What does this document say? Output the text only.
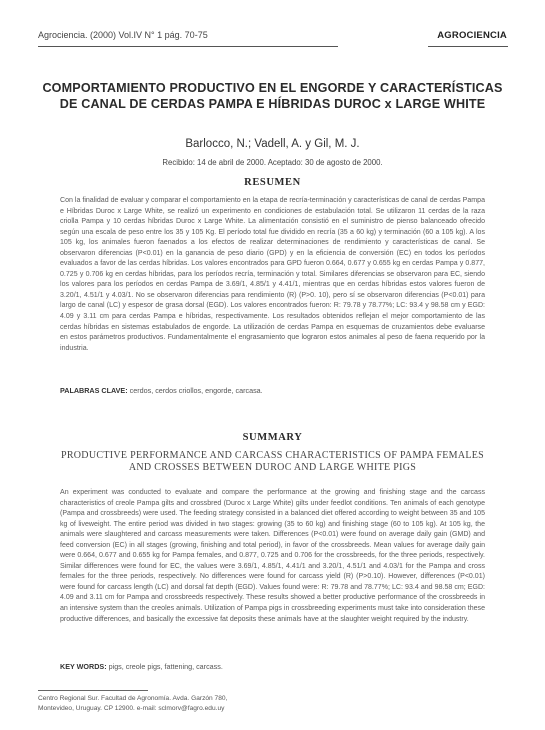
Agrociencia. (2000) Vol.IV N° 1 pág. 70-75	AGROCIENCIA
COMPORTAMIENTO PRODUCTIVO EN EL ENGORDE Y CARACTERÍSTICAS DE CANAL DE CERDAS PAMPA E HÍBRIDAS DUROC x LARGE WHITE
Barlocco, N.; Vadell, A. y Gil, M. J.
Recibido: 14 de abril de 2000. Aceptado: 30 de agosto de 2000.
RESUMEN
Con la finalidad de evaluar y comparar el comportamiento en la etapa de recría-terminación y características de canal de cerdas Pampa e Híbridas Duroc x Large White, se realizó un experimento en condiciones de estabulación total. Se utilizaron 11 cerdas de la raza criolla Pampa y 10 cerdas híbridas Duroc x Large White. La alimentación consistió en el suministro de pienso balanceado ofrecido según una escala de peso entre los 35 y 105 Kg. El período total fue dividido en recría (35 a 60 kg) y terminación (60 a 105 kg). A los 105 kg, los animales fueron faenados a los efectos de realizar determinaciones de rendimiento y características de canal. Se observaron diferencias (P<0.01) en la ganancia de peso diario (GPD) y en la eficiencia de conversión (EC) en todos los períodos evaluados a favor de las cerdas híbridas. Los valores encontrados para GPD fueron 0.664, 0.677 y 0.655 kg en cerdas Pampa y 0.877, 0.725 y 0.706 kg en cerdas híbridas, para los períodos recría, terminación y total. Similares diferencias se observaron para EC, siendo los valores para los períodos en cerdas Pampa de 3.69/1, 4.85/1 y 4.41/1, mientras que en cerdas híbridas estos valores fueron de 3.20/1, 4.51/1 y 4.03/1. No se observaron diferencias para rendimiento (R) (P>0. 10), pero sí se observaron diferencias (P<0.01) para largo de canal (LC) y espesor de grasa dorsal (EGD). Los valores encontrados fueron: R: 79.78 y 78.77%; LC: 93.4 y 98.58 cm y EGD: 4.09 y 3.11 cm para cerdas Pampa e híbridas, respectivamente. Los resultados obtenidos reflejan el mejor comportamiento de las cerdas híbridas en sistemas estabulados de engorde. La utilización de cerdas Pampa en esquemas de cruzamientos debe evaluarse en estos parámetros productivos. Fundamentalmente el engrasamiento que lograron estos animales al peso de faena requerido por la industria.
PALABRAS CLAVE: cerdos, cerdos criollos, engorde, carcasa.
SUMMARY
PRODUCTIVE PERFORMANCE AND CARCASS CHARACTERISTICS OF PAMPA FEMALES AND CROSSES BETWEEN DUROC AND LARGE WHITE PIGS
An experiment was conducted to evaluate and compare the performance at the growing and finishing stage and the carcass characteristics of creole Pampa gilts and crossbred (Duroc x Large White) gilts under feedlot conditions. Ten animals of each genotype (Pampa and crossbreeds) were used. The feeding strategy consisted in a balanced diet offered according to weight between 35 and 105 kg of liveweight. The entire period was divided in two stages: growing (35 to 60 kg) and finishing stage (60 to 105 kg). At 105 kg, the animals were slaughtered and carcass measurements were taken. Differences (P<0.01) were found on average daily gain (GMD) and feed conversion (EC) in all stages (growing, finishing and total period), in favor of the crossbreeds. Mean values for average daily gain were 0.664, 0.677 and 0.655 kg for Pampa females, and 0.877, 0.725 and 0.706 for the crossbreeds, for the three periods, respectively. Similar differences were found for EC, the values were 3.69/1, 4.85/1, 4.41/1 and 3.20/1, 4.51/1 and 4.03/1 for the Pampa and cross females for the three periods, respectively. No differences were found for carcass yield (R) (P>0.10). However, differences (P<0.01) were found for carcass length (LC) and dorsal fat depth (EGD). Values found were: R: 79.78 and 78.77%; LC: 93.4 and 98.58 cm; EGD: 4.09 and 3.11 cm for Pampa and crossbreeds respectively. These results showed a better productive performance of the crossbreeds in an intensive system than the creoles animals. Utilization of Pampa pigs in crossbreeding experiments must take into consideration these productive differences, and basically the excessive fat deposits these animals have at the slaughter weight required by the industry.
KEY WORDS: pigs, creole pigs, fattening, carcass.
Centro Regional Sur. Facultad de Agronomía. Avda. Garzón 780,
Montevideo, Uruguay. CP 12900. e-mail: sclmorv@fagro.edu.uy
